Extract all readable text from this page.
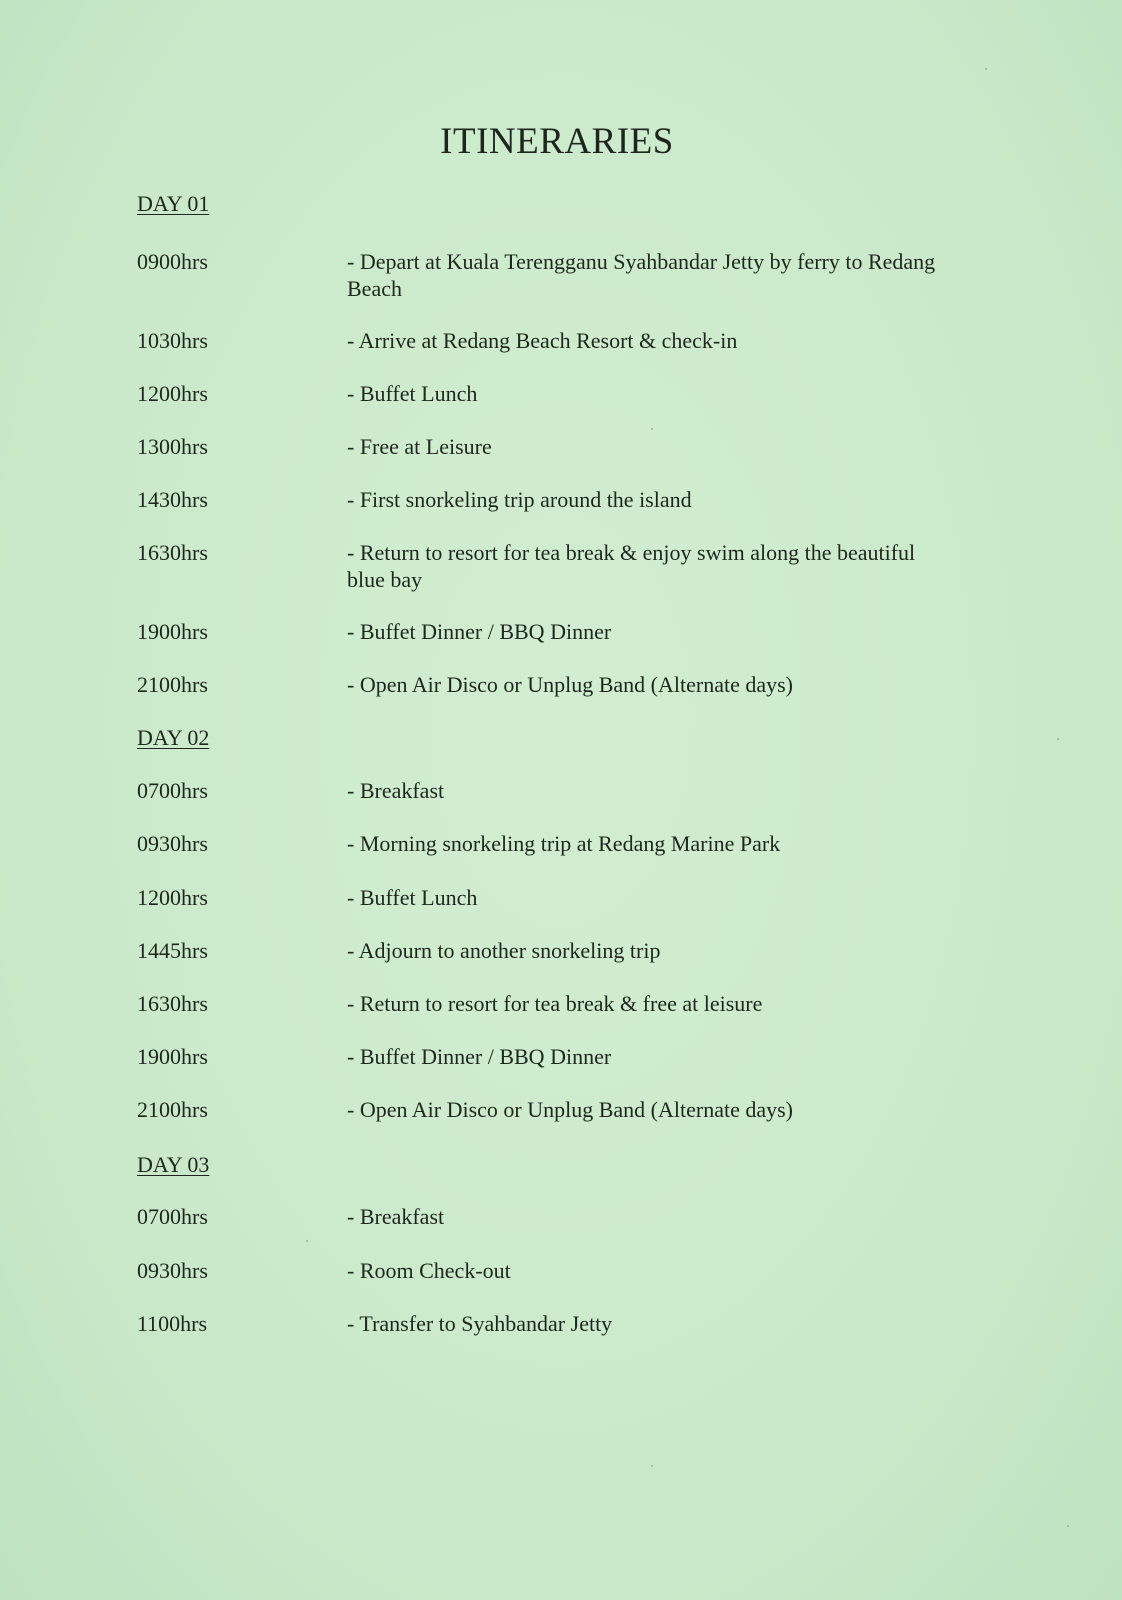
ITINERARIES
DAY 01
0900hrs	- Depart at Kuala Terengganu Syahbandar Jetty by ferry to Redang Beach
1030hrs	- Arrive at Redang Beach Resort & check-in
1200hrs	- Buffet Lunch
1300hrs	- Free at Leisure
1430hrs	- First snorkeling trip around the island
1630hrs	- Return to resort for tea break & enjoy swim along the beautiful blue bay
1900hrs	- Buffet Dinner / BBQ Dinner
2100hrs	- Open Air Disco or Unplug Band (Alternate days)
DAY 02
0700hrs	- Breakfast
0930hrs	- Morning snorkeling trip at Redang Marine Park
1200hrs	- Buffet Lunch
1445hrs	- Adjourn to another snorkeling trip
1630hrs	- Return to resort for tea break & free at leisure
1900hrs	- Buffet Dinner / BBQ Dinner
2100hrs	- Open Air Disco or Unplug Band (Alternate days)
DAY 03
0700hrs	- Breakfast
0930hrs	- Room Check-out
1100hrs	- Transfer to Syahbandar Jetty
